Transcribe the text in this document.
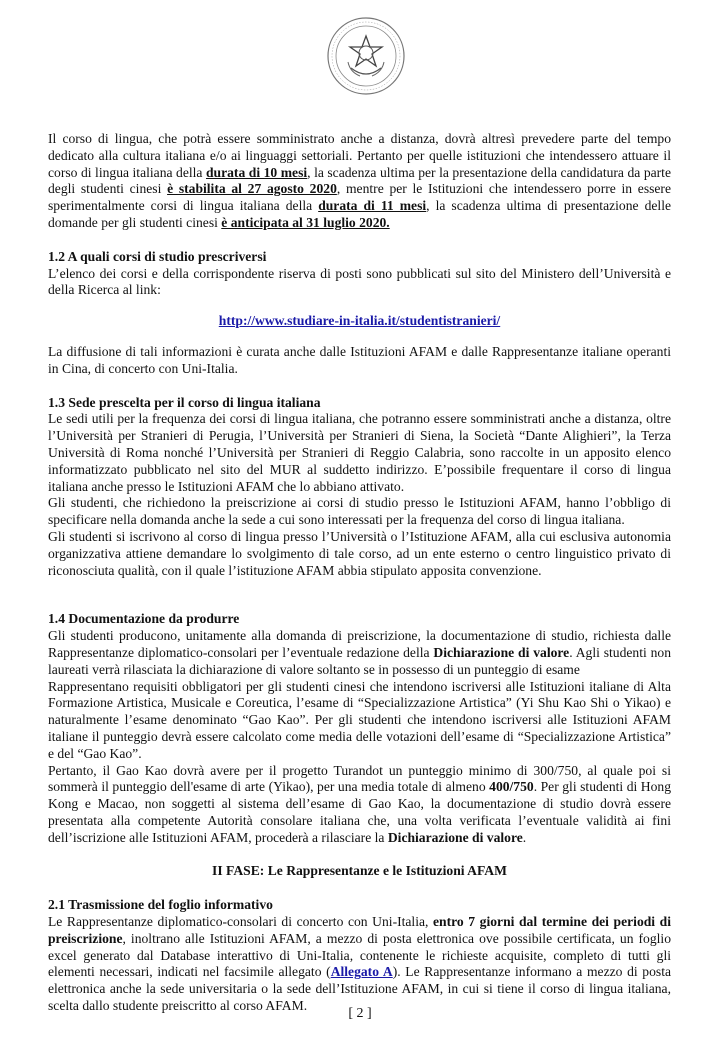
Il corso di lingua, che potrà essere somministrato anche a distanza, dovrà altresì prevedere parte del tempo dedicato alla cultura italiana e/o ai linguaggi settoriali. Pertanto per quelle istituzioni che intendessero attuare il corso di lingua italiana della durata di 10 mesi, la scadenza ultima per la presentazione della candidatura da parte degli studenti cinesi è stabilita al 27 agosto 2020, mentre per le Istituzioni che intendessero porre in essere sperimentalmente corsi di lingua italiana della durata di 11 mesi, la scadenza ultima di presentazione delle domande per gli studenti cinesi è anticipata al 31 luglio 2020.

1.2 A quali corsi di studio prescriversi

L’elenco dei corsi e della corrispondente riserva di posti sono pubblicati sul sito del Ministero dell’Università e della Ricerca al link:

http://www.studiare-in-italia.it/studentistranieri/

La diffusione di tali informazioni è curata anche dalle Istituzioni AFAM e dalle Rappresentanze italiane operanti in Cina, di concerto con Uni-Italia.

1.3 Sede prescelta per il corso di lingua italiana

Le sedi utili per la frequenza dei corsi di lingua italiana, che potranno essere somministrati anche a distanza, oltre l’Università per Stranieri di Perugia, l’Università per Stranieri di Siena, la Società “Dante Alighieri”, la Terza Università di Roma nonché l’Università per Stranieri di Reggio Calabria, sono raccolte in un apposito elenco informatizzato pubblicato nel sito del MUR al suddetto indirizzo. E’possibile frequentare il corso di lingua italiana anche presso le Istituzioni AFAM che lo abbiano attivato.

Gli studenti, che richiedono la preiscrizione ai corsi di studio presso le Istituzioni AFAM, hanno l’obbligo di specificare nella domanda anche la sede a cui sono interessati per la frequenza del corso di lingua italiana.

Gli studenti si iscrivono al corso di lingua presso l’Università o l’Istituzione AFAM, alla cui esclusiva autonomia organizzativa attiene demandare lo svolgimento di tale corso, ad un ente esterno o centro linguistico privato di riconosciuta qualità, con il quale l’istituzione AFAM abbia stipulato apposita convenzione.

1.4 Documentazione da produrre

Gli studenti producono, unitamente alla domanda di preiscrizione, la documentazione di studio, richiesta dalle Rappresentanze diplomatico-consolari per l’eventuale redazione della Dichiarazione di valore. Agli studenti non laureati verrà rilasciata la dichiarazione di valore soltanto se in possesso di un punteggio di esame

Rappresentano requisiti obbligatori per gli studenti cinesi che intendono iscriversi alle Istituzioni italiane di Alta Formazione Artistica, Musicale e Coreutica, l’esame di “Specializzazione Artistica” (Yi Shu Kao Shi o Yikao) e naturalmente l’esame denominato “Gao Kao”. Per gli studenti che intendono iscriversi alle Istituzioni AFAM italiane il punteggio devrà essere calcolato come media delle votazioni dell’esame di “Specializzazione Artistica” e del “Gao Kao”.

Pertanto, il Gao Kao dovrà avere per il progetto Turandot un punteggio minimo di 300/750, al quale poi si sommerà il punteggio dell'esame di arte (Yikao), per una media totale di almeno 400/750. Per gli studenti di Hong Kong e Macao, non soggetti al sistema dell’esame di Gao Kao, la documentazione di studio dovrà essere presentata alla competente Autorità consolare italiana che, una volta verificata l’eventuale validità ai fini dell’iscrizione alle Istituzioni AFAM, procederà a rilasciare la Dichiarazione di valore.

II FASE: Le Rappresentanze e le Istituzioni AFAM
2.1 Trasmissione del foglio informativo

Le Rappresentanze diplomatico-consolari di concerto con Uni-Italia, entro 7 giorni dal termine dei periodi di preiscrizione, inoltrano alle Istituzioni AFAM, a mezzo di posta elettronica ove possibile certificata, un foglio excel generato dal Database interattivo di Uni-Italia, contenente le richieste acquisite, completo di tutti gli elementi necessari, indicati nel facsimile allegato (Allegato A). Le Rappresentanze informano a mezzo di posta elettronica anche la sede universitaria o la sede dell’Istituzione AFAM, in cui si tiene il corso di lingua italiana, scelta dallo studente preiscritto al corso AFAM.

[ 2 ]
